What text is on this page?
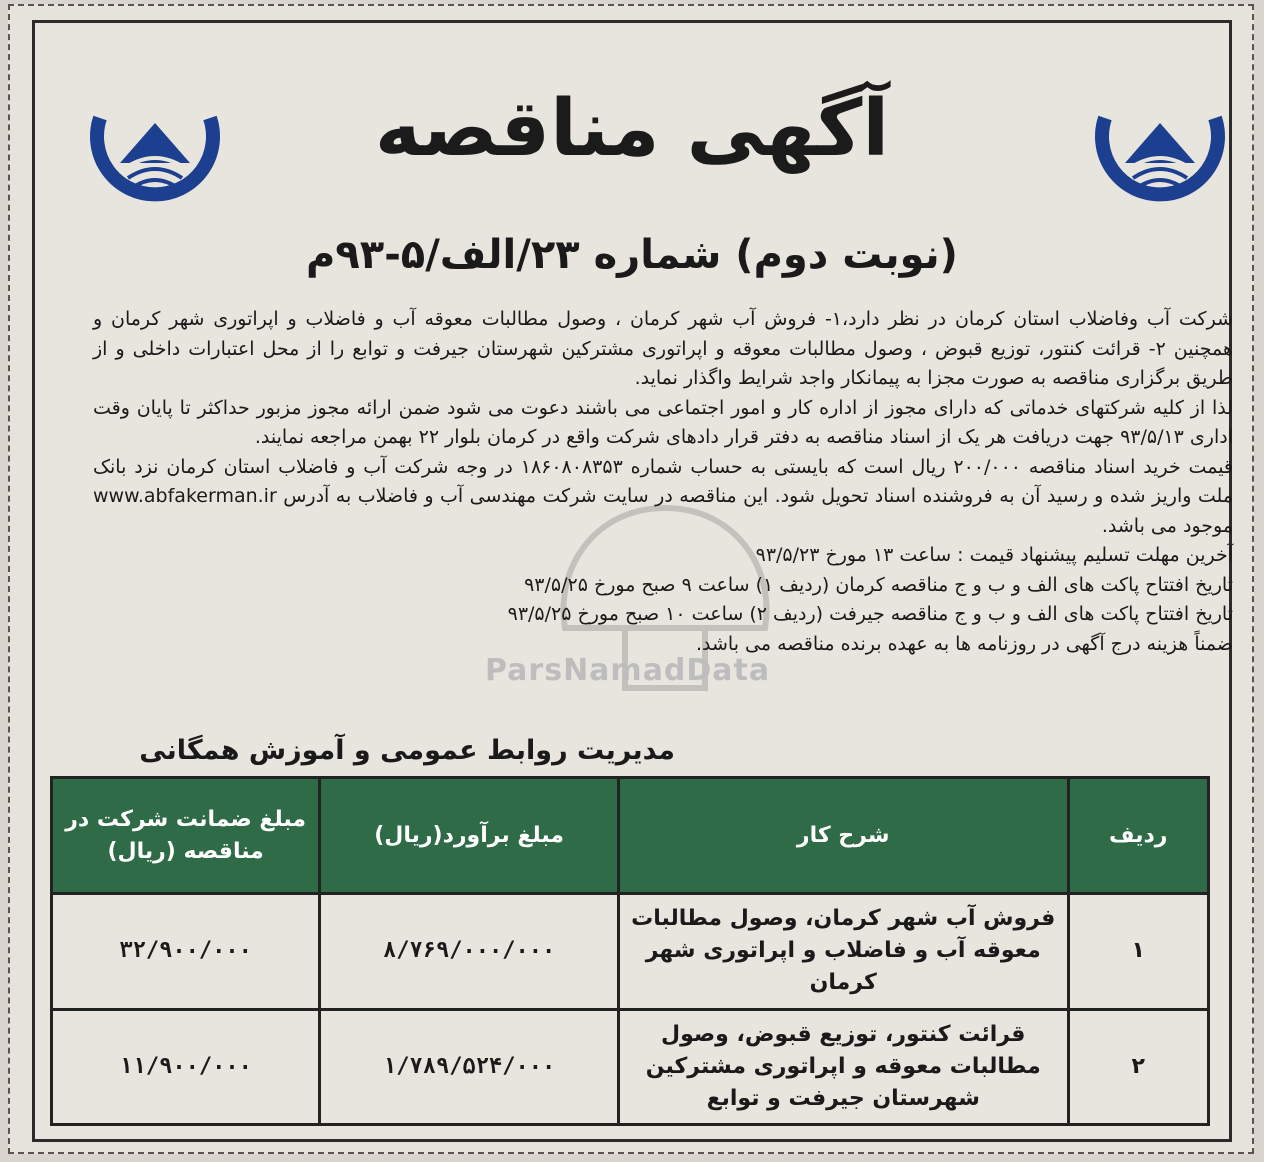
آگهی مناقصه
(نوبت دوم) شماره ۲۳/الف/۵-۹۳م
ParsNamadData

شرکت آب وفاضلاب استان کرمان در نظر دارد،۱- فروش آب شهر کرمان ، وصول مطالبات معوقه آب و فاضلاب و اپراتوری شهر کرمان و همچنین ۲- قرائت کنتور، توزیع قبوض ، وصول مطالبات معوقه و اپراتوری مشترکین شهرستان جیرفت و توابع را از محل اعتبارات داخلی و از طریق برگزاری مناقصه به صورت مجزا به پیمانکار واجد شرایط واگذار نماید.

لذا از کلیه شرکتهای خدماتی که دارای مجوز از اداره کار و امور اجتماعی می باشند دعوت می شود ضمن ارائه مجوز مزبور حداکثر تا پایان وقت اداری ۹۳/۵/۱۳ جهت دریافت هر یک از اسناد مناقصه به دفتر قرار دادهای شرکت واقع در کرمان بلوار ۲۲ بهمن مراجعه نمایند.

قیمت خرید اسناد مناقصه ۲۰۰/۰۰۰ ریال است که بایستی به حساب شماره ۱۸۶۰۸۰۸۳۵۳ در وجه شرکت آب و فاضلاب استان کرمان نزد بانک ملت واریز شده و رسید آن به فروشنده اسناد تحویل شود. این مناقصه در سایت شرکت مهندسی آب و فاضلاب به آدرس www.abfakerman.ir موجود می باشد.

آخرین مهلت تسلیم پیشنهاد قیمت : ساعت ۱۳ مورخ ۹۳/۵/۲۳

تاریخ افتتاح پاکت های الف و ب و ج مناقصه کرمان (ردیف ۱) ساعت ۹ صبح مورخ ۹۳/۵/۲۵

تاریخ افتتاح پاکت های الف و ب و ج مناقصه جیرفت (ردیف ۲) ساعت ۱۰ صبح مورخ ۹۳/۵/۲۵

ضمناً هزینه درج آگهی در روزنامه ها به عهده برنده مناقصه می باشد.

مدیریت روابط عمومی و آموزش همگانی
ردیف	شرح کار	مبلغ برآورد(ریال)	مبلغ ضمانت شرکت در مناقصه (ریال)
۱	فروش آب شهر کرمان، وصول مطالبات معوقه آب و فاضلاب و اپراتوری شهر کرمان	۸/۷۶۹/۰۰۰/۰۰۰	۳۲/۹۰۰/۰۰۰
۲	قرائت کنتور، توزیع قبوض، وصول مطالبات معوقه و اپراتوری مشترکین شهرستان جیرفت و توابع	۱/۷۸۹/۵۲۴/۰۰۰	۱۱/۹۰۰/۰۰۰
